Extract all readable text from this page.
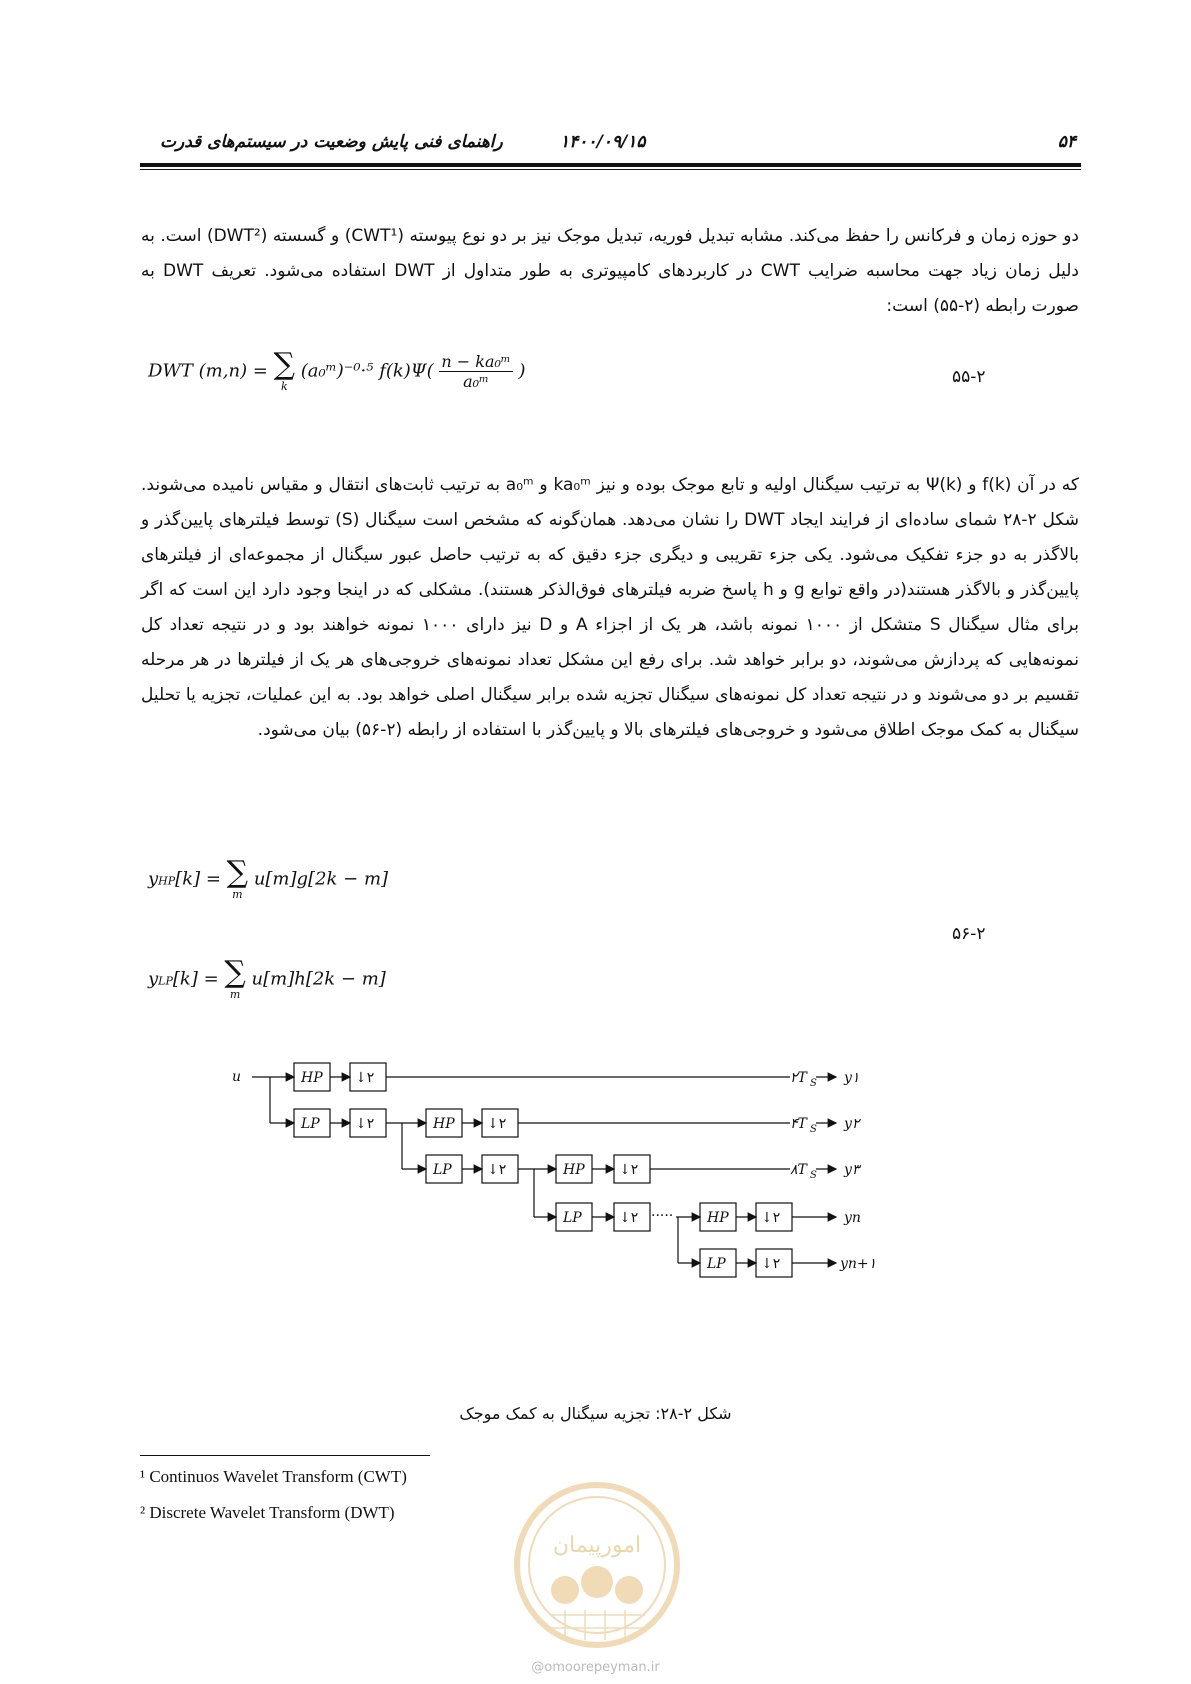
۵۴
۱۴۰۰/۰۹/۱۵
راهنمای فنی پایش وضعیت در سیستم‌های قدرت
دو حوزه زمان و فرکانس را حفظ می‌کند. مشابه تبدیل فوریه، تبدیل موجک نیز بر دو نوع پیوسته (CWT¹) و گسسته (DWT²) است. به دلیل زمان زیاد جهت محاسبه ضرایب CWT در کاربردهای کامپیوتری به طور متداول از DWT استفاده می‌شود. تعریف DWT به صورت رابطه (۲-۵۵) است:
DWT (m,n) = ∑
k
(a₀ᵐ)⁻⁰·⁵ $f(k)\Psi( \frac{\text{n − ka₀ᵐ}}{\text{a₀ᵐ}}$ )	۵۵-۲
که در آن f(k) و Ψ(k) به ترتیب سیگنال اولیه و تابع موجک بوده و نیز ka₀ᵐ و a₀ᵐ به ترتیب ثابت‌های انتقال و مقیاس نامیده می‌شوند. شکل ۲-۲۸ شمای ساده‌ای از فرایند ایجاد DWT را نشان می‌دهد. همان‌گونه که مشخص است سیگنال (S) توسط فیلترهای پایین‌گذر و بالاگذر به دو جزء تفکیک می‌شود. یکی جزء تقریبی و دیگری جزء دقیق که به ترتیب حاصل عبور سیگنال از مجموعه‌ای از فیلترهای پایین‌گذر و بالاگذر هستند(در واقع توابع g و h پاسخ ضربه فیلترهای فوق‌الذکر هستند). مشکلی که در اینجا وجود دارد این است که اگر برای مثال سیگنال S متشکل از ۱۰۰۰ نمونه باشد، هر یک از اجزاء A و D نیز دارای ۱۰۰۰ نمونه خواهند بود و در نتیجه تعداد کل نمونه‌هایی که پردازش می‌شوند، دو برابر خواهد شد. برای رفع این مشکل تعداد نمونه‌های خروجی‌های هر یک از فیلترها در هر مرحله تقسیم بر دو می‌شوند و در نتیجه تعداد کل نمونه‌های سیگنال تجزیه شده برابر سیگنال اصلی خواهد بود. به این عملیات، تجزیه یا تحلیل سیگنال به کمک موجک اطلاق می‌شود و خروجی‌های فیلترهای بالا و پایین‌گذر با استفاده از رابطه (۲-۵۶) بیان می‌شود.
yHP[k] = ∑
m
u[m]g[2k − m]
۵۶-۲
yLP[k] = ∑
m
u[m]h[2k − m]
u	HP ↓۲
LP	↓۲	HP ↓۲
LP	↓۲	HP ↓۲
LP	↓۲ ····· HP ↓۲
LP	↓۲
۲T S
۴T S
۸T S
y۱
y۲
y۳
yn
yn+۱
شکل ۲-۲۸: تجزیه سیگنال به کمک موجک
¹ Continuos Wavelet Transform (CWT)
² Discrete Wavelet Transform (DWT)
امورپیمان
@omoorepeyman.ir
